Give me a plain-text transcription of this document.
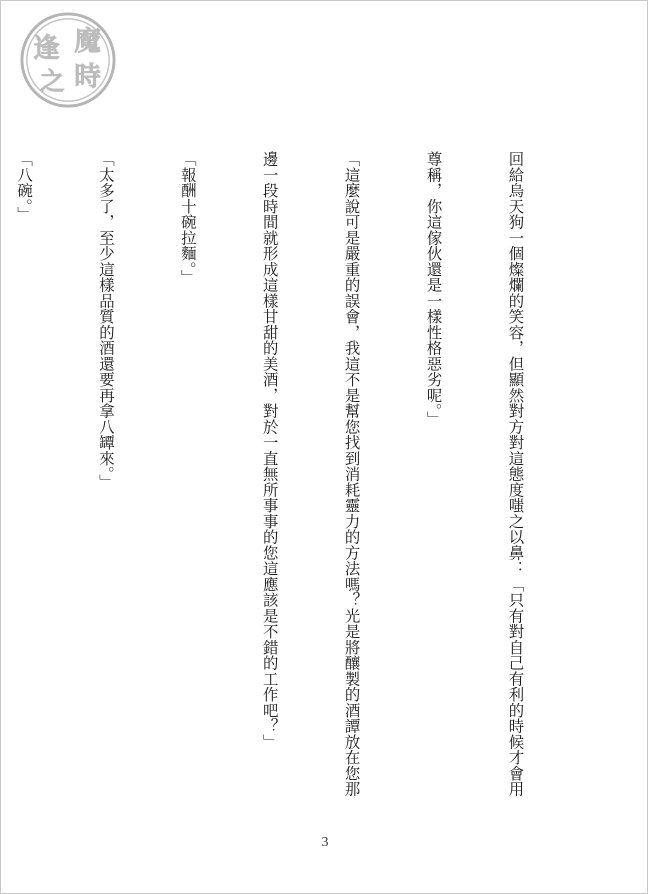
逢 魔
之 時

回給烏天狗一個燦爛的笑容，但顯然對方對這態度嗤之以鼻：「只有對自己有利的時候才會用

尊稱，你這傢伙還是一樣性格惡劣呢。」

「這麼說可是嚴重的誤會，我這不是幫您找到消耗靈力的方法嗎？光是將釀製的酒譚放在您那

邊一段時間就形成這樣甘甜的美酒，對於一直無所事事的您這應該是不錯的工作吧？」

「報酬十碗拉麵。」

「太多了，至少這樣品質的酒還要再拿八罈來。」

「八碗。」

3
